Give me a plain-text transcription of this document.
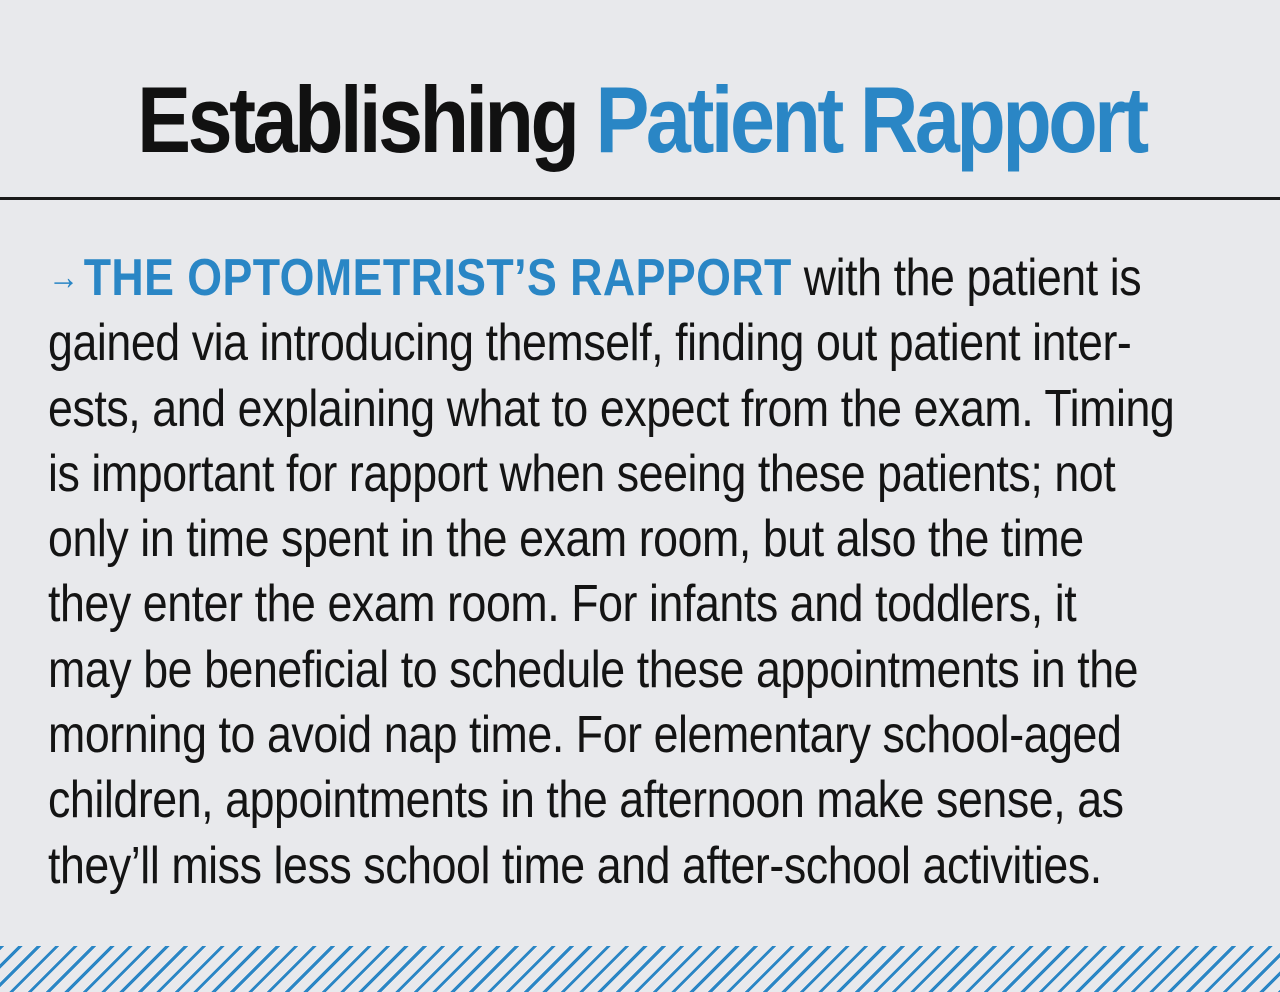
Establishing Patient Rapport
→THE OPTOMETRIST’S RAPPORT with the patient is
gained via introducing themself, finding out patient inter-
ests, and explaining what to expect from the exam. Timing
is important for rapport when seeing these patients; not
only in time spent in the exam room, but also the time
they enter the exam room. For infants and toddlers, it
may be beneficial to schedule these appointments in the
morning to avoid nap time. For elementary school-aged
children, appointments in the afternoon make sense, as
they’ll miss less school time and after-school activities.
